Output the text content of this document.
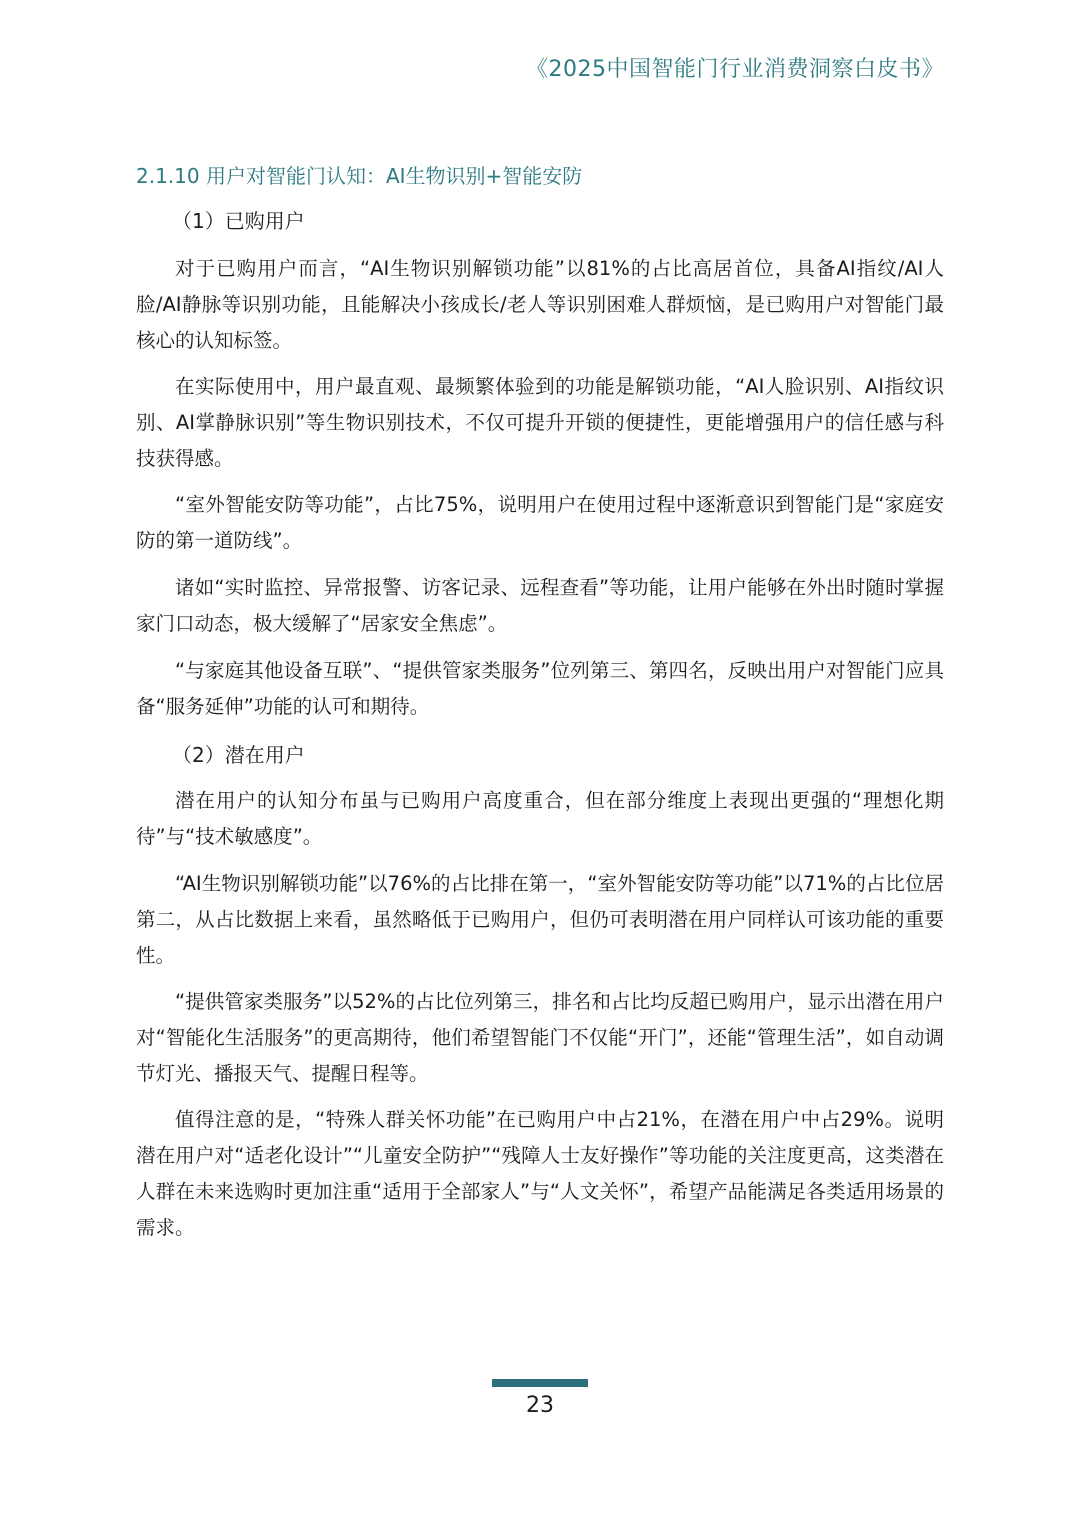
《2025中国智能门行业消费洞察白皮书》
2.1.10 用户对智能门认知：AI生物识别+智能安防
（1）已购用户

对于已购用户而言，“AI生物识别解锁功能”以81%的占比高居首位，具备AI指纹/AI人脸/AI静脉等识别功能，且能解决小孩成长/老人等识别困难人群烦恼，是已购用户对智能门最核心的认知标签。

在实际使用中，用户最直观、最频繁体验到的功能是解锁功能，“AI人脸识别、AI指纹识别、AI掌静脉识别”等生物识别技术，不仅可提升开锁的便捷性，更能增强用户的信任感与科技获得感。

“室外智能安防等功能”，占比75%，说明用户在使用过程中逐渐意识到智能门是“家庭安防的第一道防线”。

诸如“实时监控、异常报警、访客记录、远程查看”等功能，让用户能够在外出时随时掌握家门口动态，极大缓解了“居家安全焦虑”。

“与家庭其他设备互联”、“提供管家类服务”位列第三、第四名，反映出用户对智能门应具备“服务延伸”功能的认可和期待。

（2）潜在用户

潜在用户的认知分布虽与已购用户高度重合，但在部分维度上表现出更强的“理想化期待”与“技术敏感度”。

“AI生物识别解锁功能”以76%的占比排在第一，“室外智能安防等功能”以71%的占比位居第二，从占比数据上来看，虽然略低于已购用户，但仍可表明潜在用户同样认可该功能的重要性。

“提供管家类服务”以52%的占比位列第三，排名和占比均反超已购用户，显示出潜在用户对“智能化生活服务”的更高期待，他们希望智能门不仅能“开门”，还能“管理生活”，如自动调节灯光、播报天气、提醒日程等。

值得注意的是，“特殊人群关怀功能”在已购用户中占21%，在潜在用户中占29%。说明潜在用户对“适老化设计”“儿童安全防护”“残障人士友好操作”等功能的关注度更高，这类潜在人群在未来选购时更加注重“适用于全部家人”与“人文关怀”，希望产品能满足各类适用场景的需求。

23
